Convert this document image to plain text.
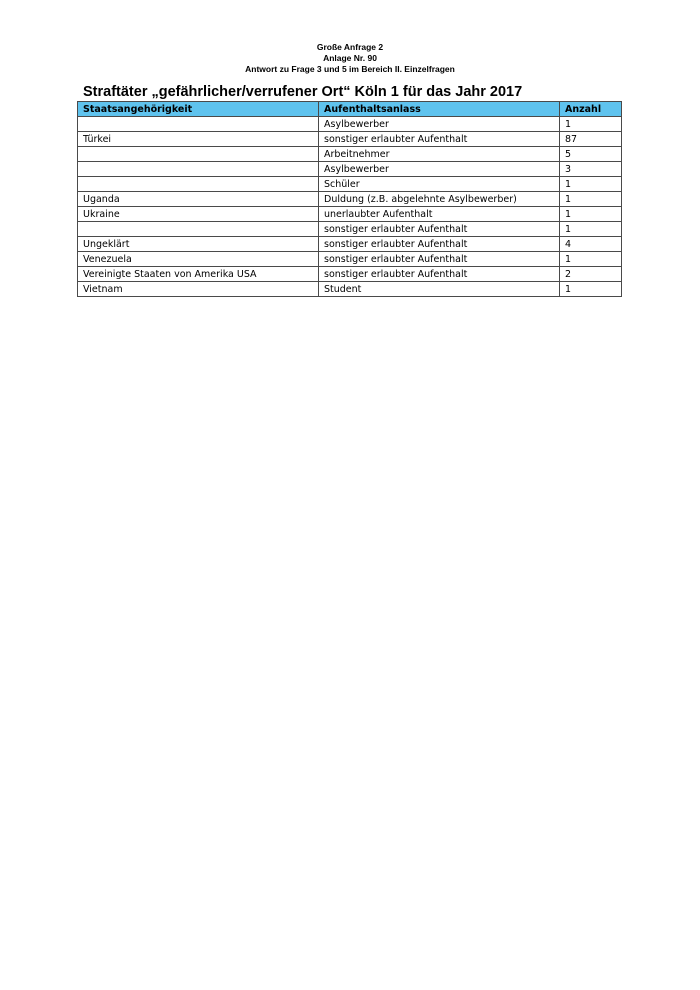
Große Anfrage 2
Anlage Nr. 90
Antwort zu Frage 3 und 5 im Bereich II. Einzelfragen
Straftäter „gefährlicher/verrufener Ort“ Köln 1 für das Jahr 2017
Staatsangehörigkeit	Aufenthaltsanlass	Anzahl
	Asylbewerber	1
Türkei	sonstiger erlaubter Aufenthalt	87
	Arbeitnehmer	5
	Asylbewerber	3
	Schüler	1
Uganda	Duldung (z.B. abgelehnte Asylbewerber)	1
Ukraine	unerlaubter Aufenthalt	1
	sonstiger erlaubter Aufenthalt	1
Ungeklärt	sonstiger erlaubter Aufenthalt	4
Venezuela	sonstiger erlaubter Aufenthalt	1
Vereinigte Staaten von Amerika USA	sonstiger erlaubter Aufenthalt	2
Vietnam	Student	1
